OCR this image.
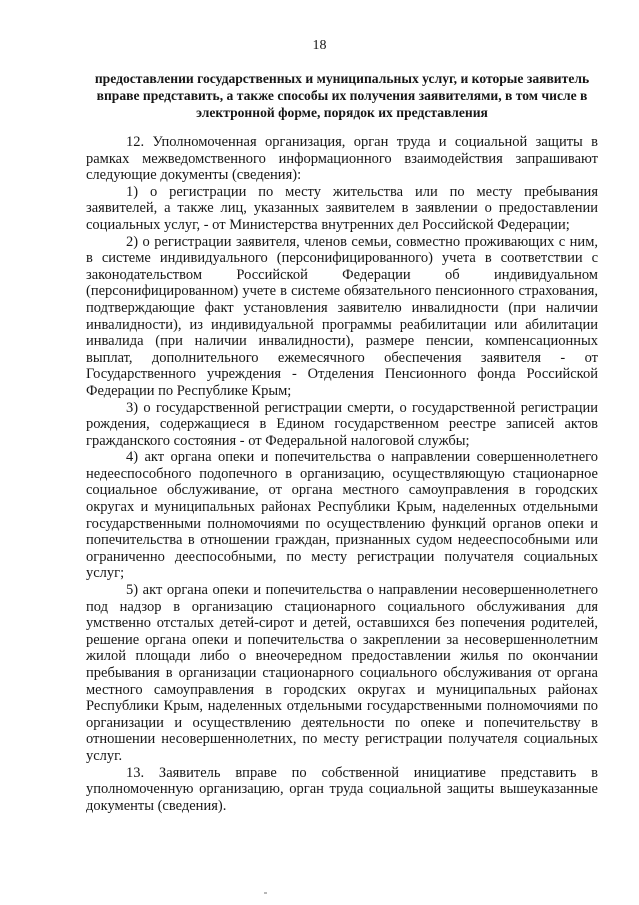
18
предоставлении государственных и муниципальных услуг, и которые заявитель вправе представить, а также способы их получения заявителями, в том числе в электронной форме, порядок их представления

12. Уполномоченная организация, орган труда и социальной защиты в рамках межведомственного информационного взаимодействия запрашивают следующие документы (сведения):

1) о регистрации по месту жительства или по месту пребывания заявителей, а также лиц, указанных заявителем в заявлении о предоставлении социальных услуг, - от Министерства внутренних дел Российской Федерации;

2) о регистрации заявителя, членов семьи, совместно проживающих с ним, в системе индивидуального (персонифицированного) учета в соответствии с законодательством Российской Федерации об индивидуальном (персонифицированном) учете в системе обязательного пенсионного страхования, подтверждающие факт установления заявителю инвалидности (при наличии инвалидности), из индивидуальной программы реабилитации или абилитации инвалида (при наличии инвалидности), размере пенсии, компенсационных выплат, дополнительного ежемесячного обеспечения заявителя - от Государственного учреждения - Отделения Пенсионного фонда Российской Федерации по Республике Крым;

3) о государственной регистрации смерти, о государственной регистрации рождения, содержащиеся в Едином государственном реестре записей актов гражданского состояния - от Федеральной налоговой службы;

4) акт органа опеки и попечительства о направлении совершеннолетнего недееспособного подопечного в организацию, осуществляющую стационарное социальное обслуживание, от органа местного самоуправления в городских округах и муниципальных районах Республики Крым, наделенных отдельными государственными полномочиями по осуществлению функций органов опеки и попечительства в отношении граждан, признанных судом недееспособными или ограниченно дееспособными, по месту регистрации получателя социальных услуг;

5) акт органа опеки и попечительства о направлении несовершеннолетнего под надзор в организацию стационарного социального обслуживания для умственно отсталых детей-сирот и детей, оставшихся без попечения родителей, решение органа опеки и попечительства о закреплении за несовершеннолетним жилой площади либо о внеочередном предоставлении жилья по окончании пребывания в организации стационарного социального обслуживания от органа местного самоуправления в городских округах и муниципальных районах Республики Крым, наделенных отдельными государственными полномочиями по организации и осуществлению деятельности по опеке и попечительству в отношении несовершеннолетних, по месту регистрации получателя социальных услуг.

13. Заявитель вправе по собственной инициативе представить в уполномоченную организацию, орган труда социальной защиты вышеуказанные документы (сведения).
